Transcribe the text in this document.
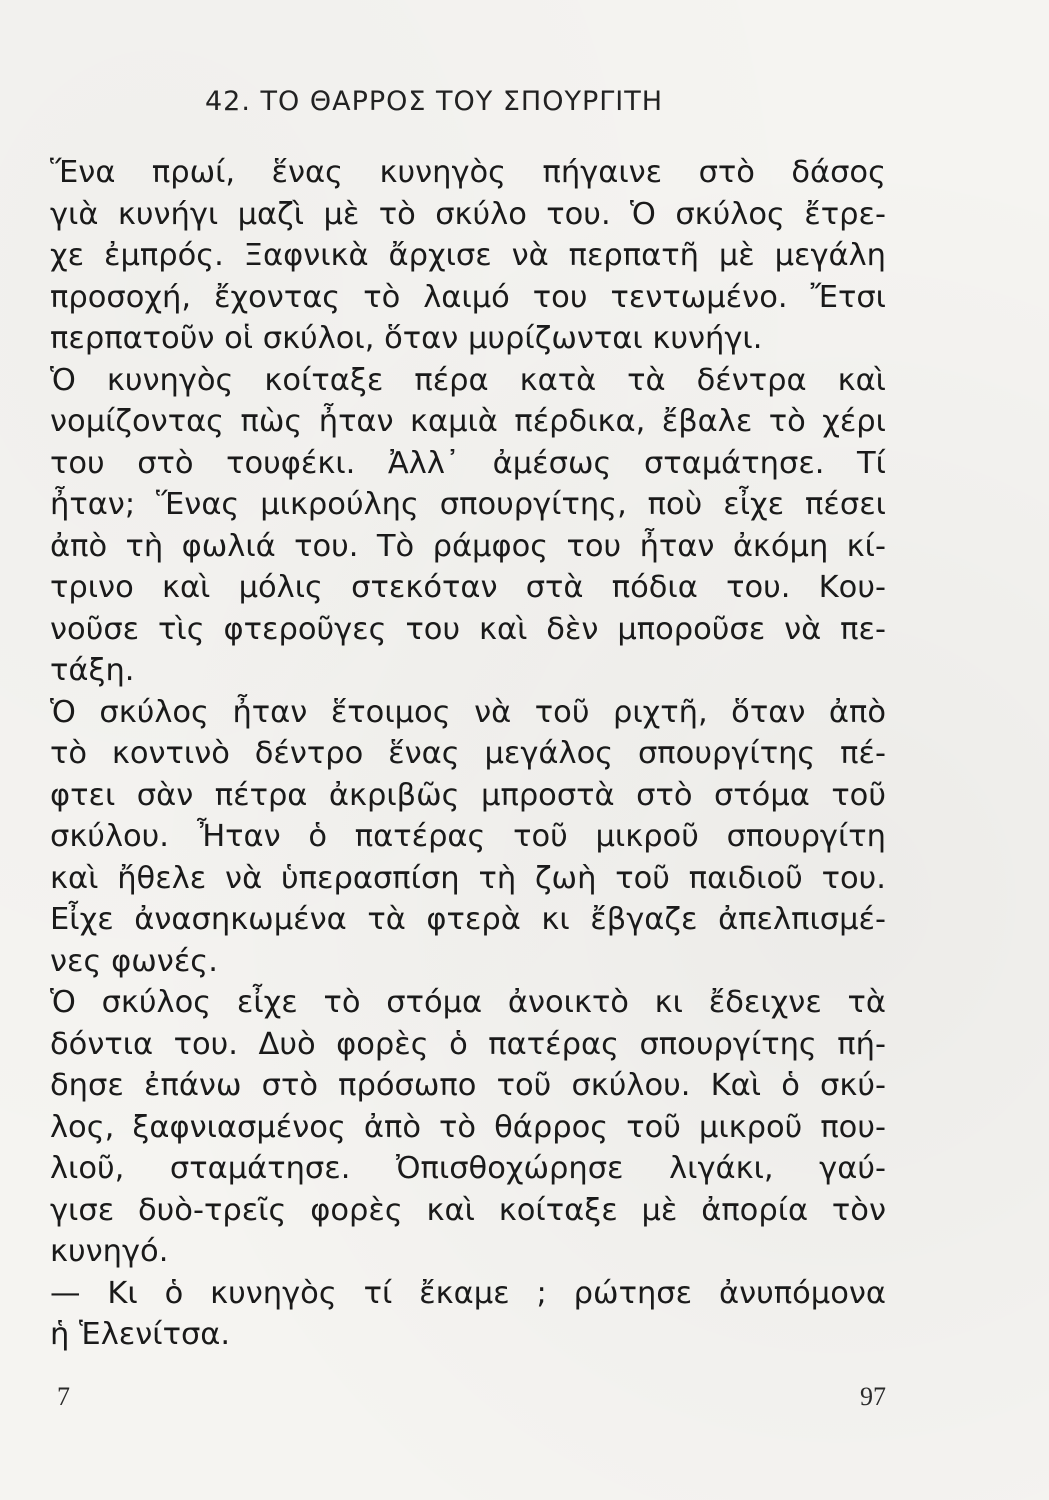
42. ΤΟ ΘΑΡΡΟΣ ΤΟΥ ΣΠΟΥΡΓΙΤΗ
Ἕνα πρωί, ἕνας κυνηγὸς πήγαινε στὸ δάσος
γιὰ κυνήγι μαζὶ μὲ τὸ σκύλο του. Ὁ σκύλος ἔτρε-
χε ἐμπρός. Ξαφνικὰ ἄρχισε νὰ περπατῆ μὲ μεγάλη
προσοχή, ἔχοντας τὸ λαιμό του τεντωμένο. Ἔτσι
περπατοῦν οἱ σκύλοι, ὅταν μυρίζωνται κυνήγι.
Ὁ κυνηγὸς κοίταξε πέρα κατὰ τὰ δέντρα καὶ
νομίζοντας πὼς ἦταν καμιὰ πέρδικα, ἔβαλε τὸ χέρι
του στὸ τουφέκι. Ἀλλ᾽ ἀμέσως σταμάτησε. Τί
ἦταν; Ἕνας μικρούλης σπουργίτης, ποὺ εἶχε πέσει
ἀπὸ τὴ φωλιά του. Τὸ ράμφος του ἦταν ἀκόμη κί-
τρινο καὶ μόλις στεκόταν στὰ πόδια του. Κου-
νοῦσε τὶς φτεροῦγες του καὶ δὲν μποροῦσε νὰ πε-
τάξη.
Ὁ σκύλος ἦταν ἕτοιμος νὰ τοῦ ριχτῆ, ὅταν ἀπὸ
τὸ κοντινὸ δέντρο ἕνας μεγάλος σπουργίτης πέ-
φτει σὰν πέτρα ἀκριβῶς μπροστὰ στὸ στόμα τοῦ
σκύλου. Ἦταν ὁ πατέρας τοῦ μικροῦ σπουργίτη
καὶ ἤθελε νὰ ὑπερασπίση τὴ ζωὴ τοῦ παιδιοῦ του.
Εἶχε ἀνασηκωμένα τὰ φτερὰ κι ἔβγαζε ἀπελπισμέ-
νες φωνές.
Ὁ σκύλος εἶχε τὸ στόμα ἀνοικτὸ κι ἔδειχνε τὰ
δόντια του. Δυὸ φορὲς ὁ πατέρας σπουργίτης πή-
δησε ἐπάνω στὸ πρόσωπο τοῦ σκύλου. Καὶ ὁ σκύ-
λος, ξαφνιασμένος ἀπὸ τὸ θάρρος τοῦ μικροῦ που-
λιοῦ, σταμάτησε. Ὀπισθοχώρησε λιγάκι, γαύ-
γισε δυὸ-τρεῖς φορὲς καὶ κοίταξε μὲ ἀπορία τὸν
κυνηγό.
— Κι ὁ κυνηγὸς τί ἔκαμε ; ρώτησε ἀνυπόμονα
ἡ Ἑλενίτσα.
7	97
